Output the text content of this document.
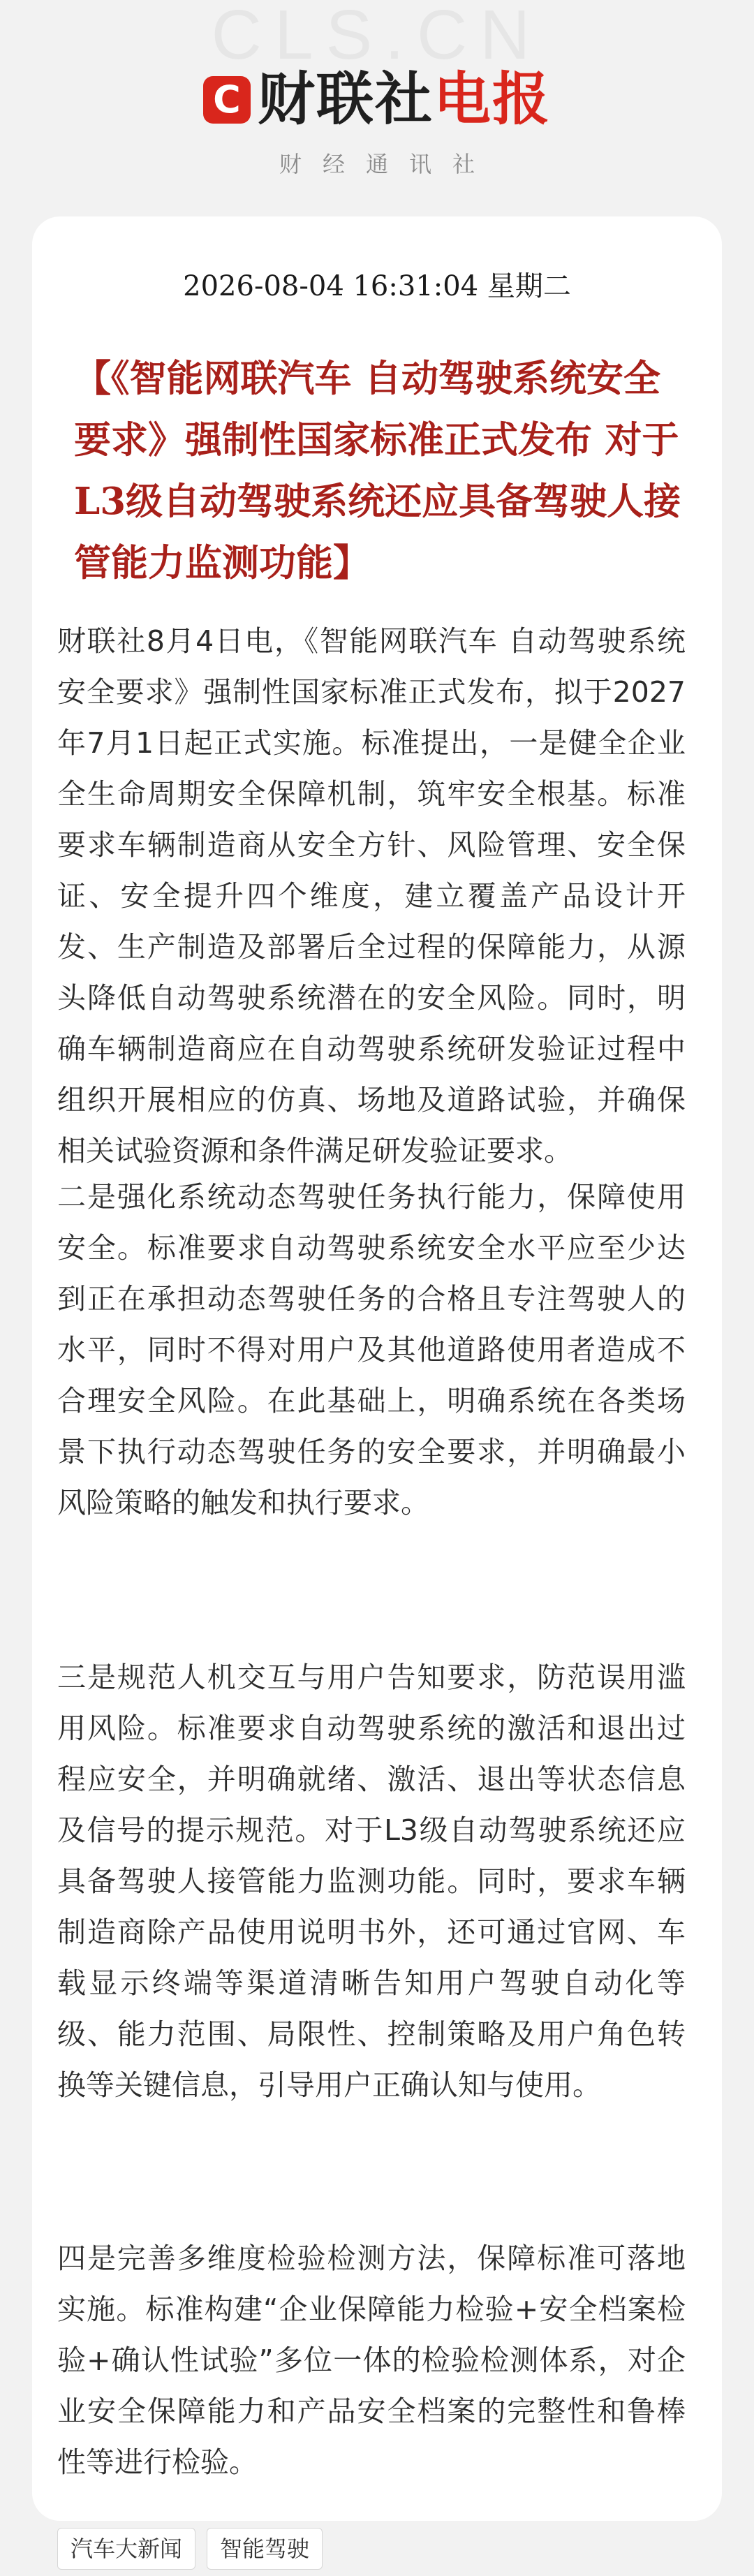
CLS.CN
C 财联社电报
财经通讯社
2026-08-04 16:31:04 星期二
【《智能网联汽车 自动驾驶系统安全要求》强制性国家标准正式发布 对于L3级自动驾驶系统还应具备驾驶人接管能力监测功能】
财联社8月4日电，《智能网联汽车 自动驾驶系统安全要求》强制性国家标准正式发布，拟于2027年7月1日起正式实施。标准提出，一是健全企业全生命周期安全保障机制，筑牢安全根基。标准要求车辆制造商从安全方针、风险管理、安全保证、安全提升四个维度，建立覆盖产品设计开发、生产制造及部署后全过程的保障能力，从源头降低自动驾驶系统潜在的安全风险。同时，明确车辆制造商应在自动驾驶系统研发验证过程中组织开展相应的仿真、场地及道路试验，并确保相关试验资源和条件满足研发验证要求。
二是强化系统动态驾驶任务执行能力，保障使用安全。标准要求自动驾驶系统安全水平应至少达到正在承担动态驾驶任务的合格且专注驾驶人的水平，同时不得对用户及其他道路使用者造成不合理安全风险。在此基础上，明确系统在各类场景下执行动态驾驶任务的安全要求，并明确最小风险策略的触发和执行要求。
三是规范人机交互与用户告知要求，防范误用滥用风险。标准要求自动驾驶系统的激活和退出过程应安全，并明确就绪、激活、退出等状态信息及信号的提示规范。对于L3级自动驾驶系统还应具备驾驶人接管能力监测功能。同时，要求车辆制造商除产品使用说明书外，还可通过官网、车载显示终端等渠道清晰告知用户驾驶自动化等级、能力范围、局限性、控制策略及用户角色转换等关键信息，引导用户正确认知与使用。
四是完善多维度检验检测方法，保障标准可落地实施。标准构建“企业保障能力检验+安全档案检验+确认性试验”多位一体的检验检测体系，对企业安全保障能力和产品安全档案的完整性和鲁棒性等进行检验。
汽车大新闻	智能驾驶
